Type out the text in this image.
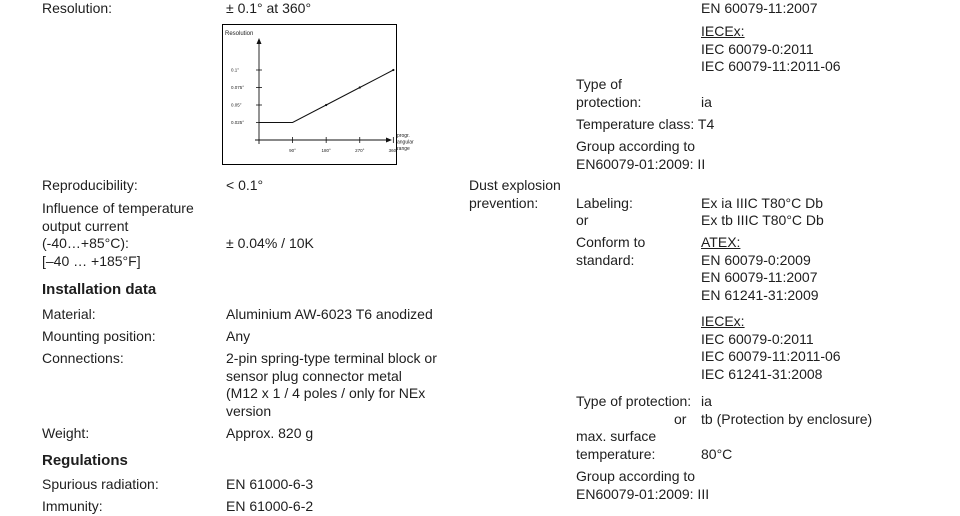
Resolution:	± 0.1° at 360°
Resolution
0.025°
0.05°
0.075°
0.1°
90°	180°	270°	360°
progr.
angular
range
Reproducibility:	< 0.1°
Influence of temperature
output current
(-40…+85°C):
[–40 … +185°F]
± 0.04% / 10K
Installation data
Material:	Aluminium AW-6023 T6 anodized
Mounting position:	Any
Connections:	2-pin spring-type terminal block or
sensor plug connector metal
(M12 x 1 / 4 poles / only for NEx
version
Weight:	Approx. 820 g
Regulations
Spurious radiation:	EN 61000-6-3
Immunity:	EN 61000-6-2
EN 60079-11:2007
IECEx:
IEC 60079-0:2011
IEC 60079-11:2011-06
Type of
protection:	ia
Temperature class: T4
Group according to
EN60079-01:2009: II
Dust explosion
prevention:	Labeling:	Ex ia IIIC T80°C Db
or	Ex tb IIIC T80°C Db
Conform to
standard:
ATEX:
EN 60079-0:2009
EN 60079-11:2007
EN 61241-31:2009
IECEx:
IEC 60079-0:2011
IEC 60079-11:2011-06
IEC 61241-31:2008
Type of protection: ia
or tb (Protection by enclosure)
max. surface
temperature:	80°C
Group according to
EN60079-01:2009: III
